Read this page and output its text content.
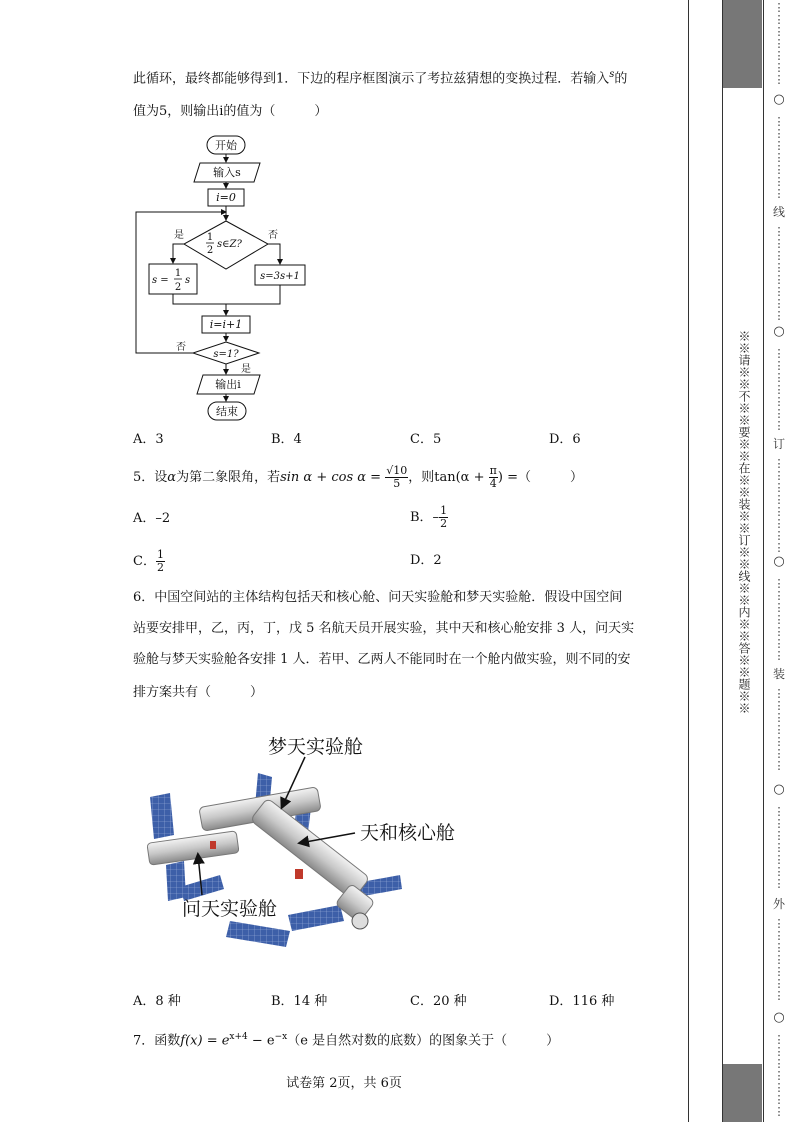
此循环，最终都能够得到1．下边的程序框图演示了考拉兹猜想的变换过程．若输入$^s$的
值为5，则输出i的值为（　　　）
开始
输入s
i=0
1
2
s∈Z?
是	否
s =
1
2
s	s=3s+1
i=i+1
s=1?
否
是
输出i
结束
A．3	B．4	C．5	D．6
5．设α为第二象限角，若$\sin \alpha + \cos \alpha = \frac{√10}{5}$ ，则$\tan(\alpha + \frac{\pi}{4}$ ) =（　　　）
A．–2	B．– $\frac{1}{2}$
C． $\frac{1}{2}$	D．2
6．中国空间站的主体结构包括天和核心舱、问天实验舱和梦天实验舱．假设中国空间
站要安排甲，乙，丙，丁，戊 5 名航天员开展实验，其中天和核心舱安排 3 人，问天实
验舱与梦天实验舱各安排 1 人．若甲、乙两人不能同时在一个舱内做实验，则不同的安
排方案共有（　　　）
梦天实验舱
天和核心舱
问天实验舱
A．8 种	B．14 种	C．20 种	D．116 种
7．函数$f(x) = e^{x+4} - e^{-x}(e$ 是自然对数的底数）的图象关于（　　　）
试卷第 2页，共 6页
※※请※※不※※要※※在※※装※※订※※线※※内※※答※※题※※
⋮
⋮
⋮
⋮
⋮
⋮
⋮
○
⋮
⋮
⋮
⋮
⋮
⋮
⋮
线
⋮
⋮
⋮
⋮
⋮
⋮
⋮
⋮
○
⋮
⋮
⋮
⋮
⋮
⋮
⋮
订
⋮
⋮
⋮
⋮
⋮
⋮
⋮
⋮
○
⋮
⋮
⋮
⋮
⋮
⋮
⋮
装
⋮
⋮
⋮
⋮
⋮
⋮
⋮
○
⋮
⋮
⋮
⋮
⋮
⋮
⋮
外
⋮
⋮
⋮
⋮
⋮
⋮
⋮
○
⋮
⋮
⋮
⋮
⋮
⋮
⋮
